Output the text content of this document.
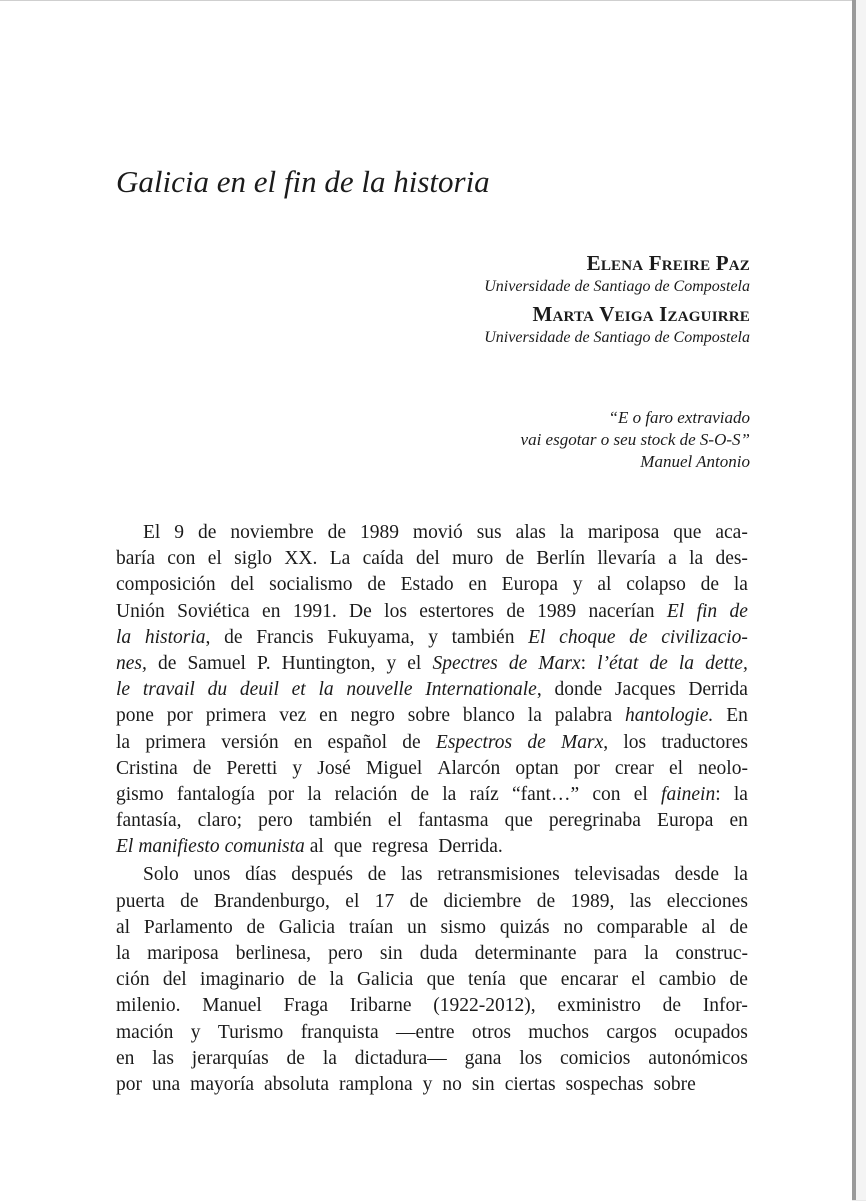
Galicia en el fin de la historia
Elena Freire Paz
Universidade de Santiago de Compostela
Marta Veiga Izaguirre
Universidade de Santiago de Compostela
“E o faro extraviado
vai esgotar o seu stock de S-O-S”
Manuel Antonio
El 9 de noviembre de 1989 movió sus alas la mariposa que aca-
baría con el siglo XX. La caída del muro de Berlín llevaría a la des-
composición del socialismo de Estado en Europa y al colapso de la
Unión Soviética en 1991. De los estertores de 1989 nacerían El fin de
la historia, de Francis Fukuyama, y también El choque de civilizacio-
nes, de Samuel P. Huntington, y el Spectres de Marx: l’état de la dette,
le travail du deuil et la nouvelle Internationale, donde Jacques Derrida
pone por primera vez en negro sobre blanco la palabra hantologie. En
la primera versión en español de Espectros de Marx, los traductores
Cristina de Peretti y José Miguel Alarcón optan por crear el neolo-
gismo fantalogía por la relación de la raíz “fant…” con el fainein: la
fantasía, claro; pero también el fantasma que peregrinaba Europa en
El manifiesto comunista al que regresa Derrida.
Solo unos días después de las retransmisiones televisadas desde la
puerta de Brandenburgo, el 17 de diciembre de 1989, las elecciones
al Parlamento de Galicia traían un sismo quizás no comparable al de
la mariposa berlinesa, pero sin duda determinante para la construc-
ción del imaginario de la Galicia que tenía que encarar el cambio de
milenio. Manuel Fraga Iribarne (1922-2012), exministro de Infor-
mación y Turismo franquista —entre otros muchos cargos ocupados
en las jerarquías de la dictadura— gana los comicios autonómicos
por una mayoría absoluta ramplona y no sin ciertas sospechas sobre
